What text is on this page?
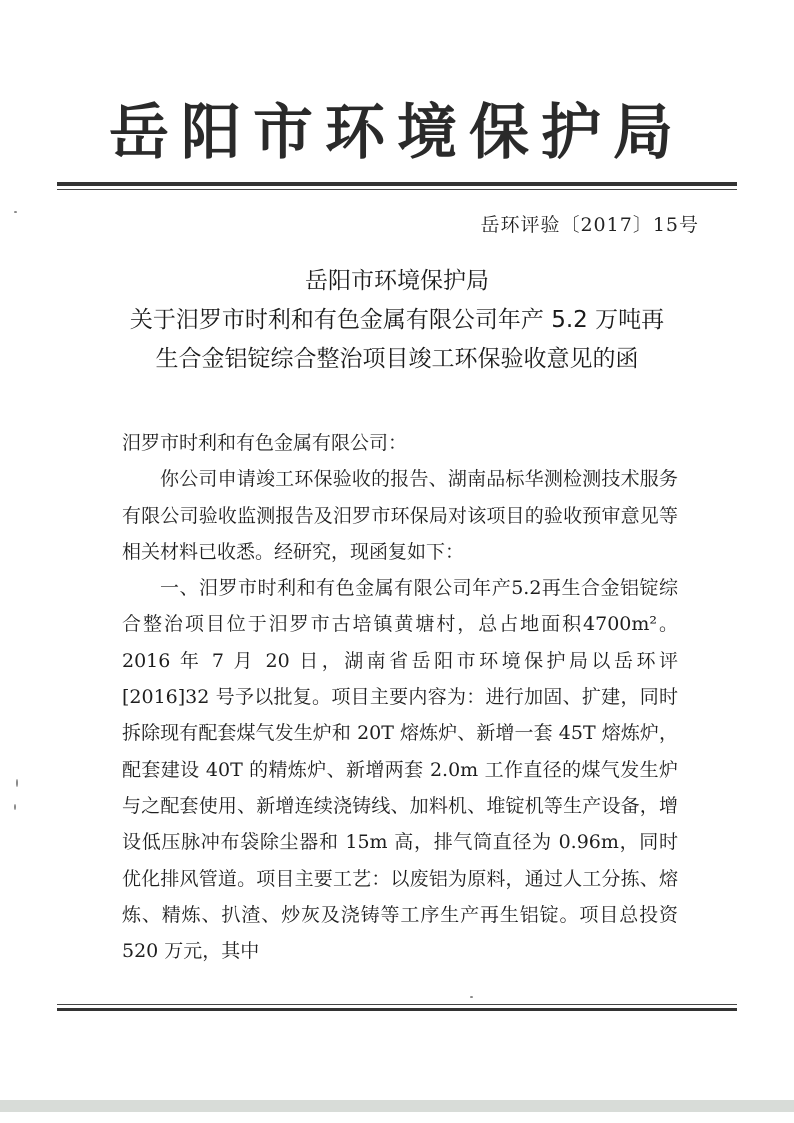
岳阳市环境保护局
岳环评验〔2017〕15号
岳阳市环境保护局
关于汨罗市时利和有色金属有限公司年产 5.2 万吨再
生合金铝锭综合整治项目竣工环保验收意见的函

汨罗市时利和有色金属有限公司：

你公司申请竣工环保验收的报告、湖南品标华测检测技术服务有限公司验收监测报告及汨罗市环保局对该项目的验收预审意见等相关材料已收悉。经研究，现函复如下：

一、汨罗市时利和有色金属有限公司年产5.2再生合金铝锭综合整治项目位于汨罗市古培镇黄塘村，总占地面积4700m²。2016 年 7 月 20 日，湖南省岳阳市环境保护局以岳环评[2016]32 号予以批复。项目主要内容为：进行加固、扩建，同时拆除现有配套煤气发生炉和 20T 熔炼炉、新增一套 45T 熔炼炉，配套建设 40T 的精炼炉、新增两套 2.0m 工作直径的煤气发生炉与之配套使用、新增连续浇铸线、加料机、堆锭机等生产设备，增设低压脉冲布袋除尘器和 15m 高，排气筒直径为 0.96m，同时优化排风管道。项目主要工艺：以废铝为原料，通过人工分拣、熔炼、精炼、扒渣、炒灰及浇铸等工序生产再生铝锭。项目总投资 520 万元，其中
